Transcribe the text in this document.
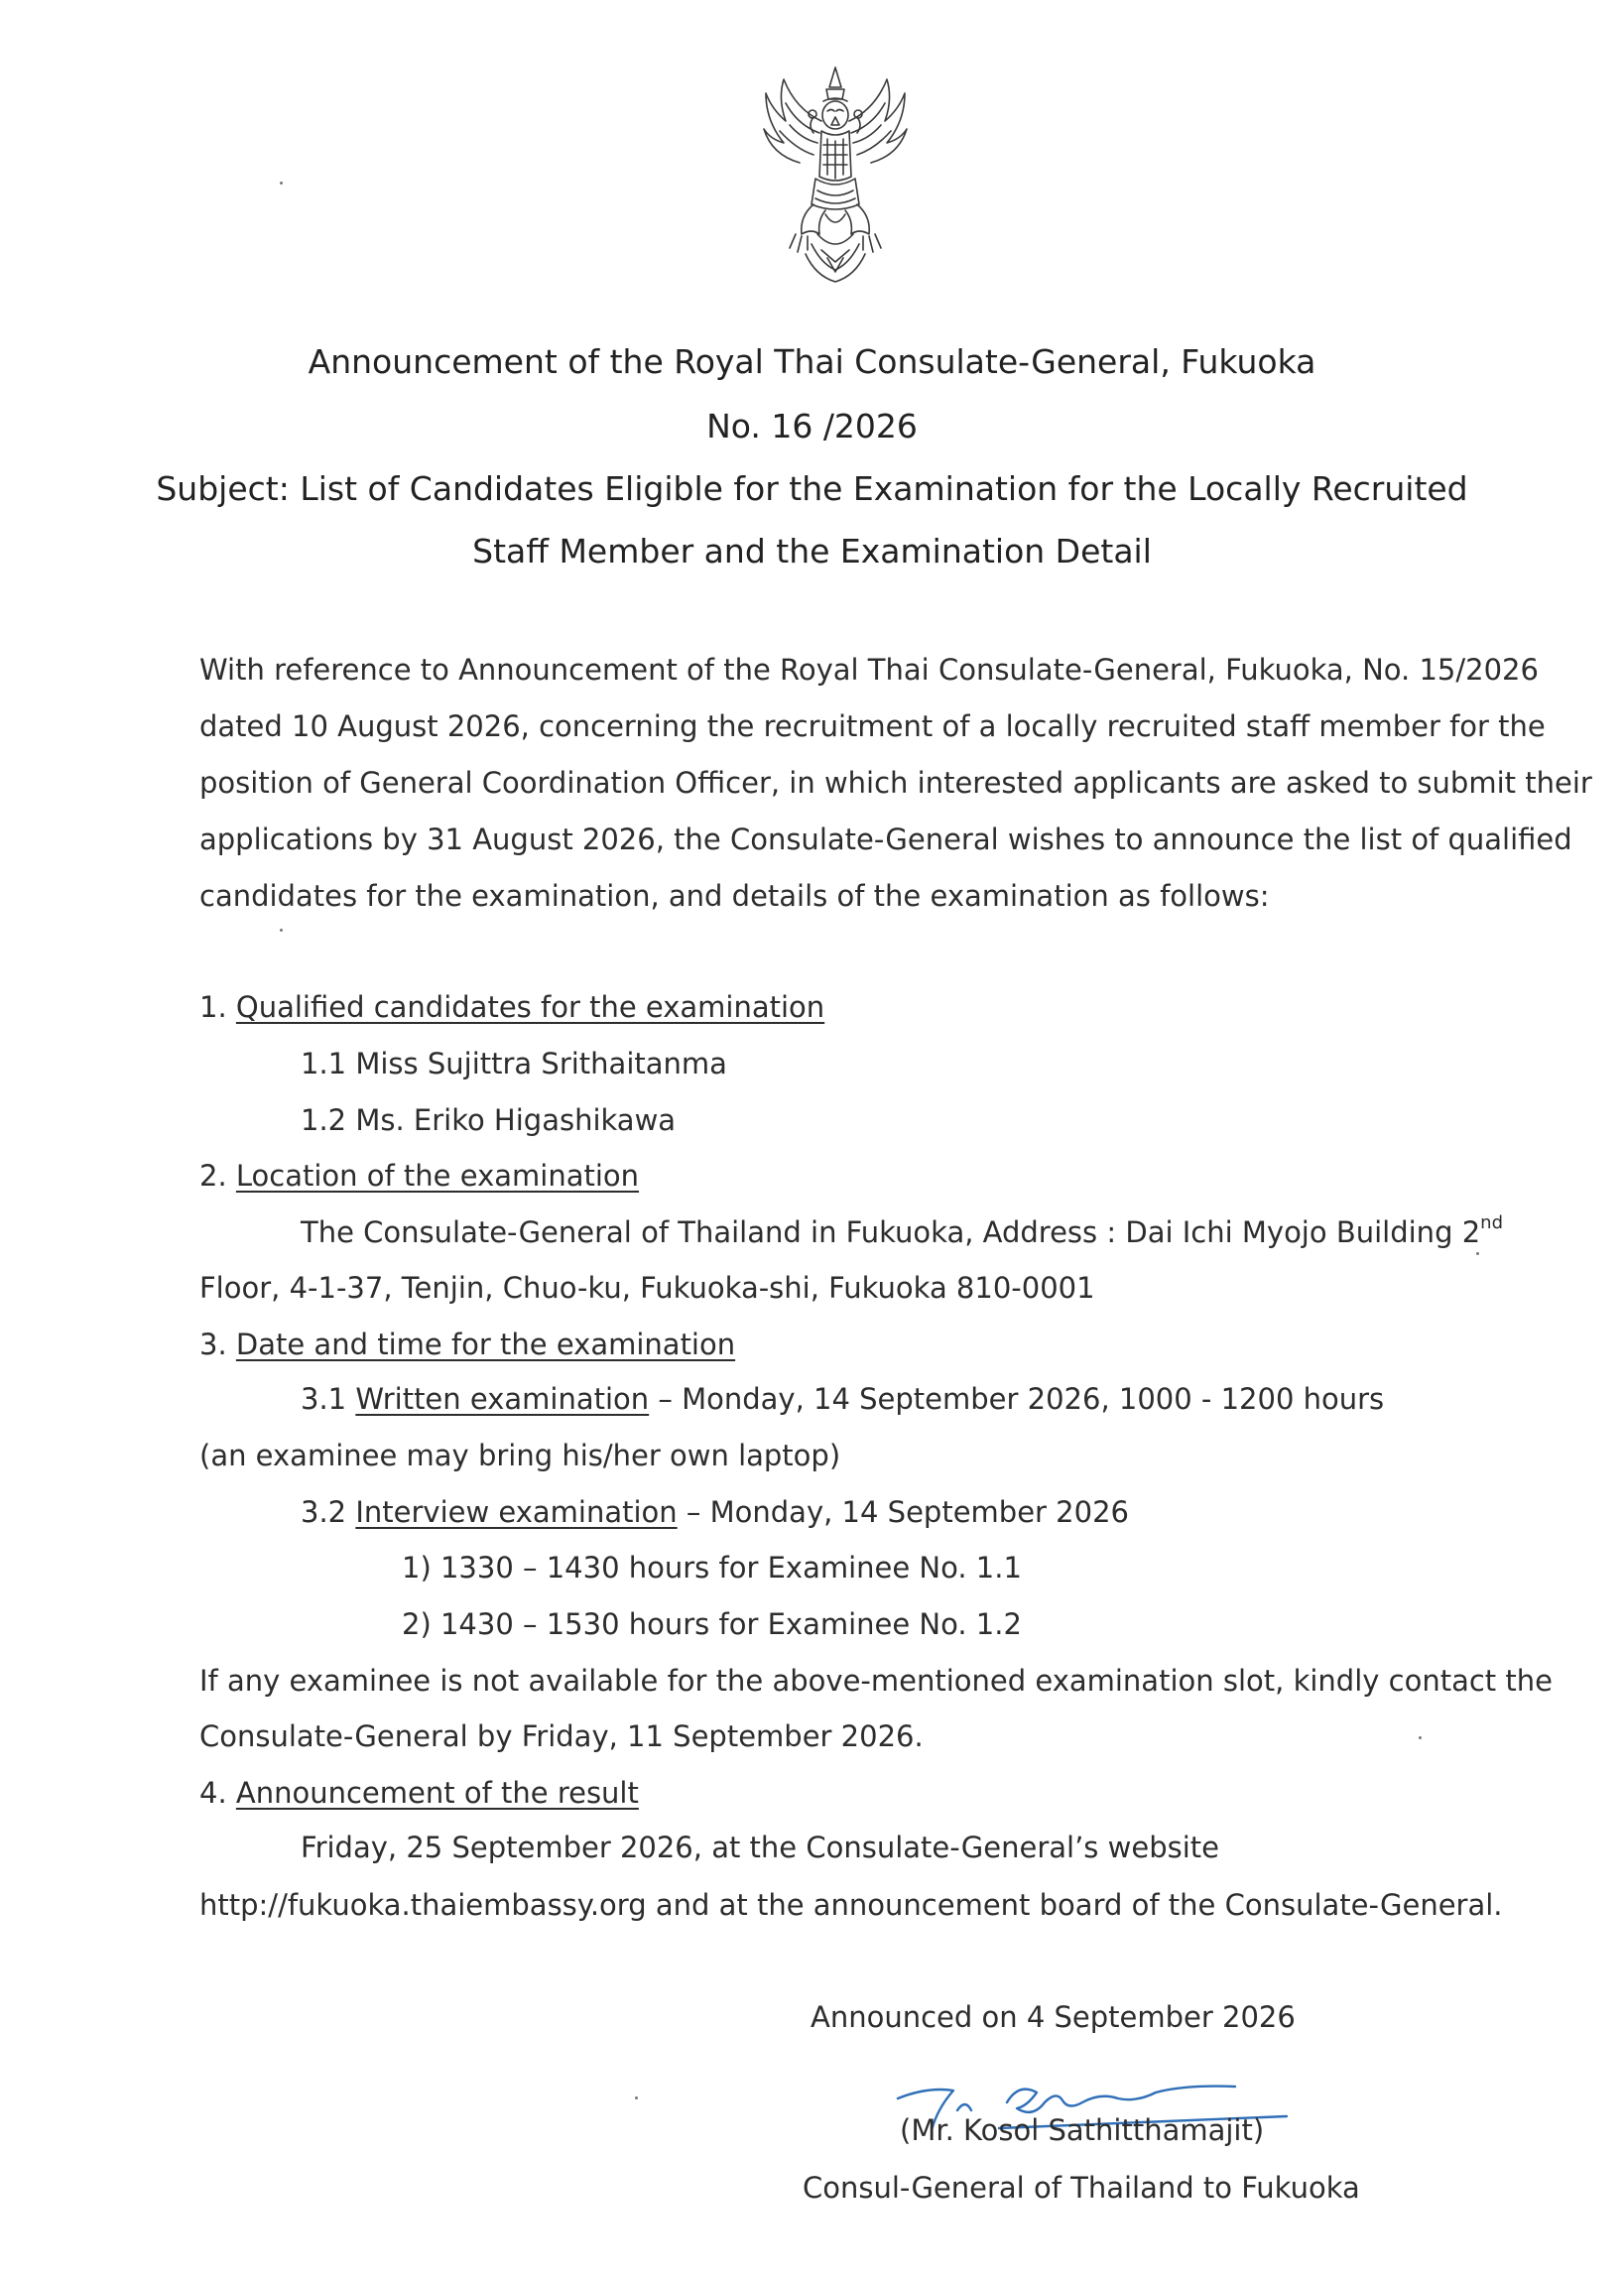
Announcement of the Royal Thai Consulate-General, Fukuoka
No. 16 /2026
Subject: List of Candidates Eligible for the Examination for the Locally Recruited
Staff Member and the Examination Detail
With reference to Announcement of the Royal Thai Consulate-General, Fukuoka, No. 15/2026
dated 10 August 2026, concerning the recruitment of a locally recruited staff member for the
position of General Coordination Officer, in which interested applicants are asked to submit their
applications by 31 August 2026, the Consulate-General wishes to announce the list of qualified
candidates for the examination, and details of the examination as follows:
1. Qualified candidates for the examination
1.1 Miss Sujittra Srithaitanma
1.2 Ms. Eriko Higashikawa
2. Location of the examination
The Consulate-General of Thailand in Fukuoka, Address : Dai Ichi Myojo Building 2nd
Floor, 4-1-37, Tenjin, Chuo-ku, Fukuoka-shi, Fukuoka 810-0001
3. Date and time for the examination
3.1 Written examination – Monday, 14 September 2026, 1000 - 1200 hours
(an examinee may bring his/her own laptop)
3.2 Interview examination – Monday, 14 September 2026
1) 1330 – 1430 hours for Examinee No. 1.1
2) 1430 – 1530 hours for Examinee No. 1.2
If any examinee is not available for the above-mentioned examination slot, kindly contact the
Consulate-General by Friday, 11 September 2026.
4. Announcement of the result
Friday, 25 September 2026, at the Consulate-General’s website
http://fukuoka.thaiembassy.org and at the announcement board of the Consulate-General.
Announced on 4 September 2026
(Mr. Kosol Sathitthamajit)
Consul-General of Thailand to Fukuoka
